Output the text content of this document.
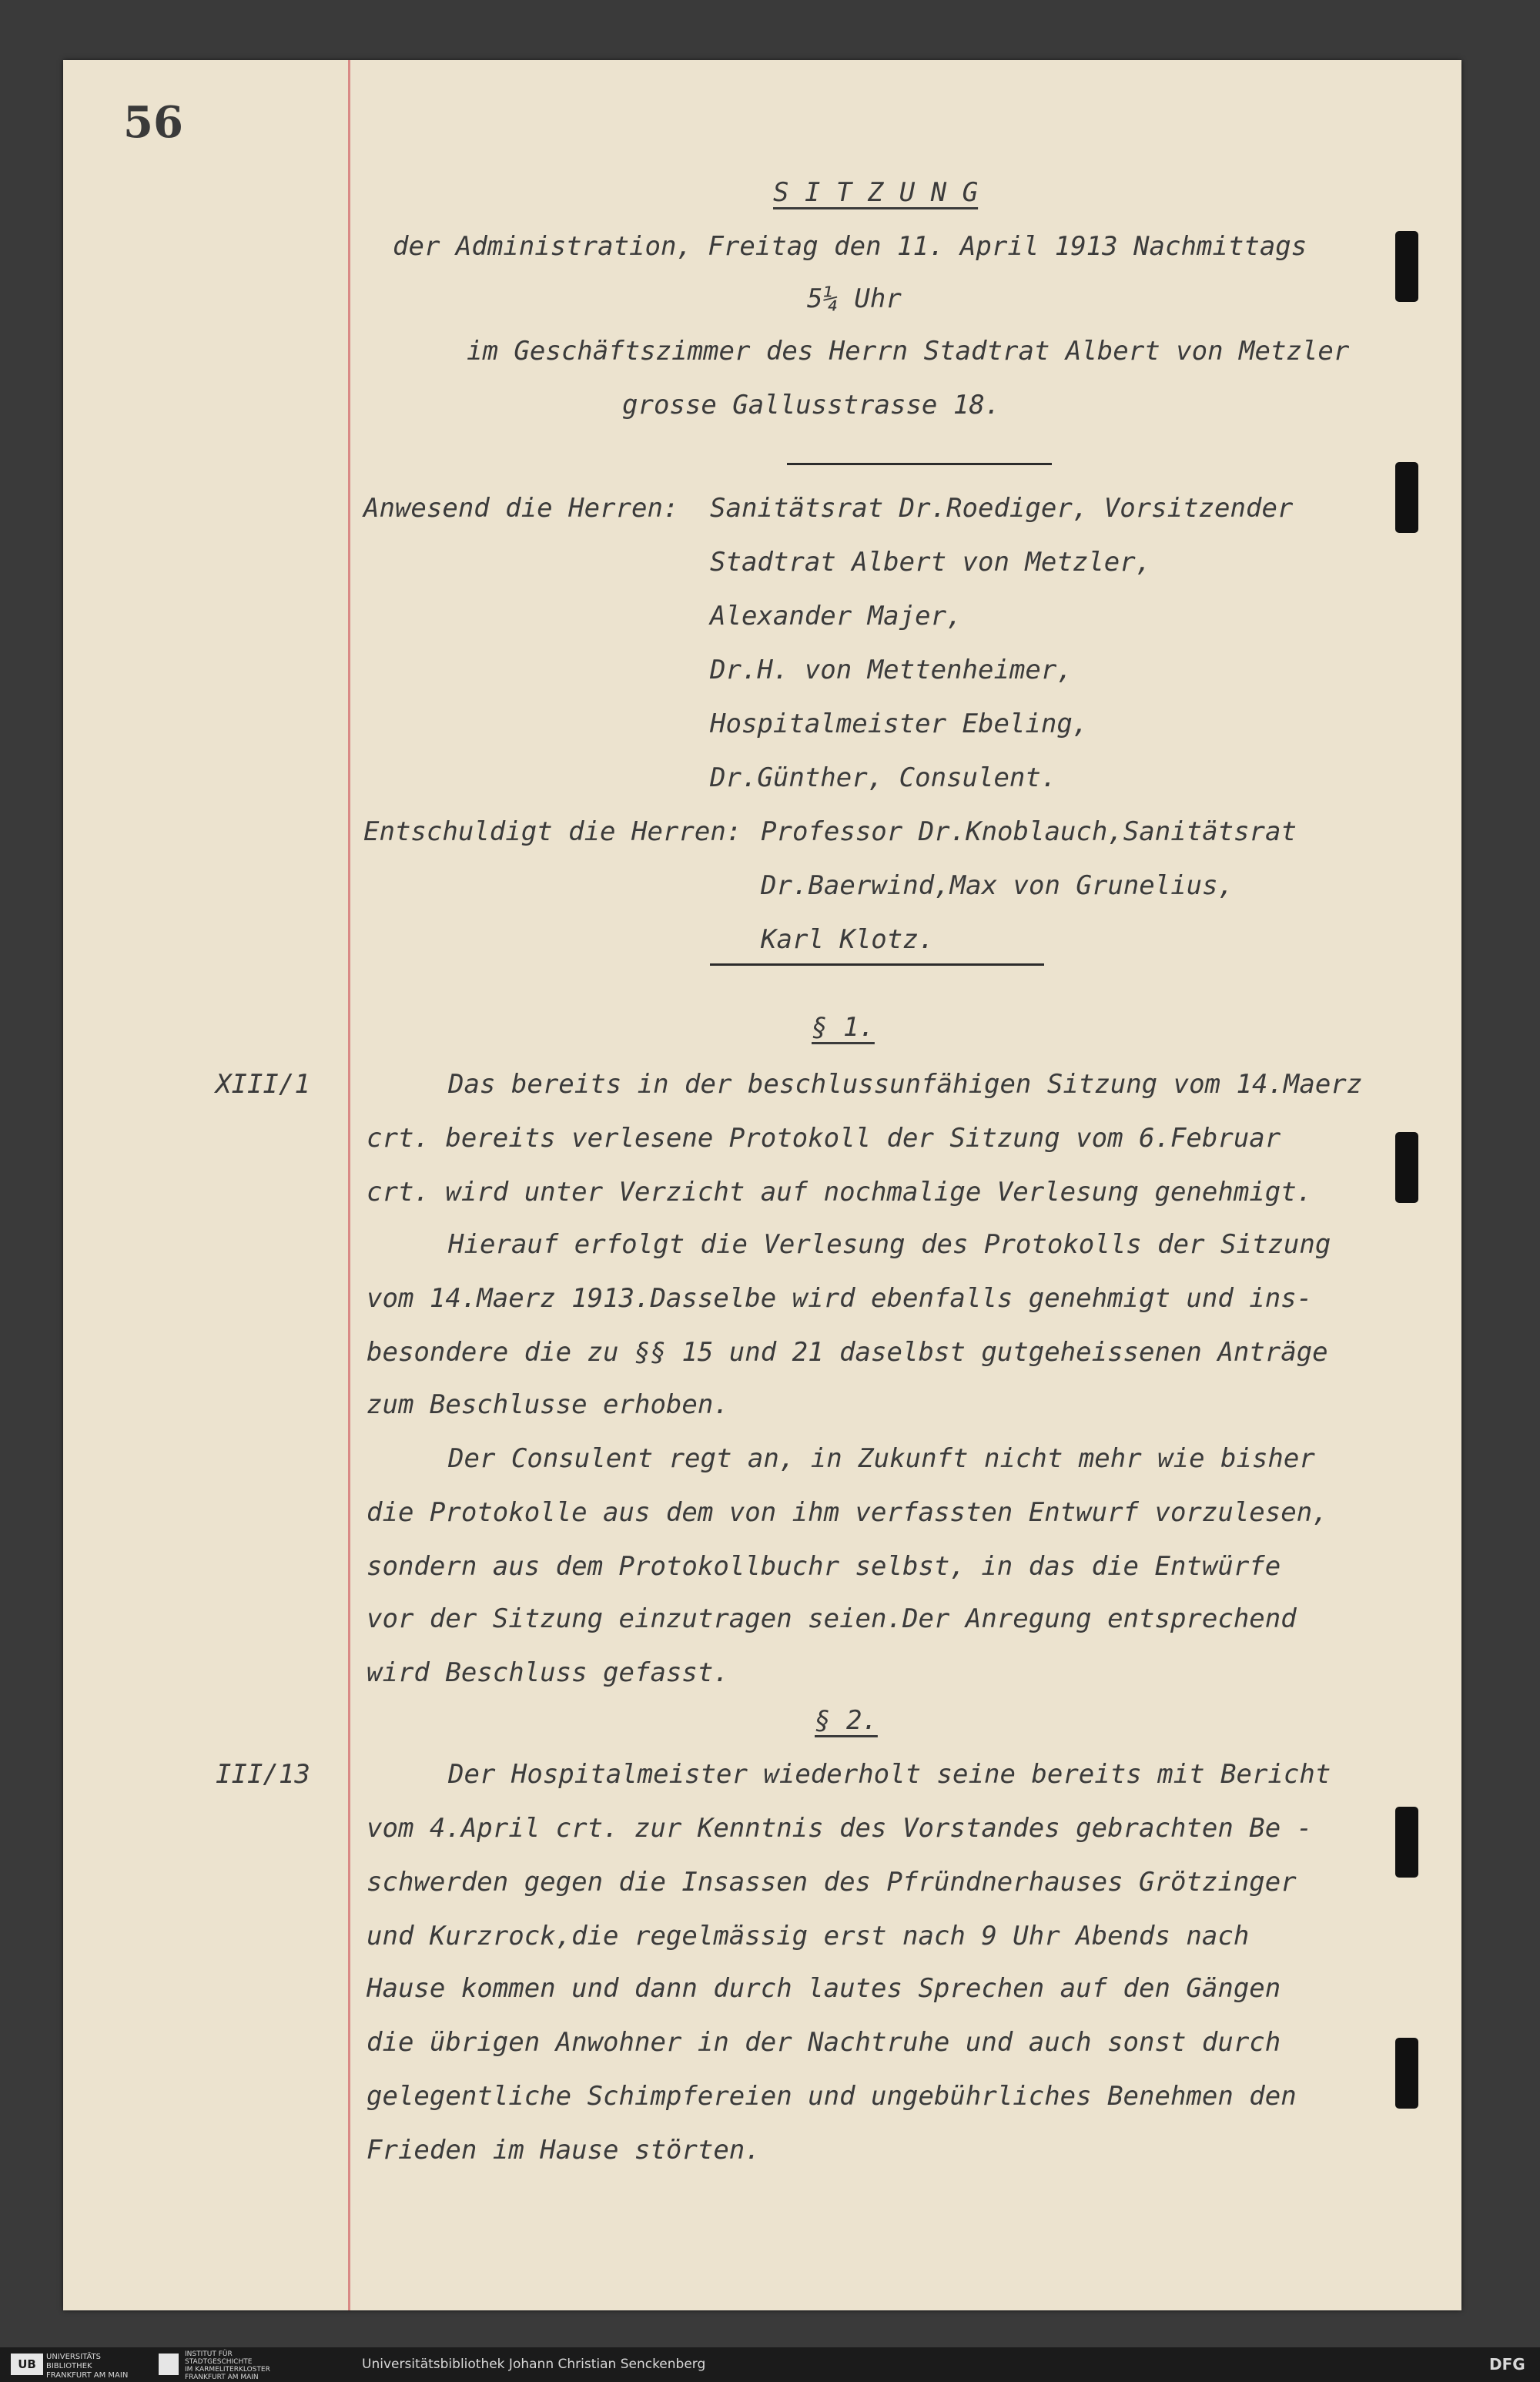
56
S I T Z U N G
der Administration, Freitag den 11. April 1913 Nachmittags
5¼ Uhr
im Geschäftszimmer des Herrn Stadtrat Albert von Metzler
grosse Gallusstrasse 18.
Anwesend die Herren: Sanitätsrat Dr.Roediger, Vorsitzender
Stadtrat Albert von Metzler,
Alexander Majer,
Dr.H. von Mettenheimer,
Hospitalmeister Ebeling,
Dr.Günther, Consulent.
Entschuldigt die Herren: Professor Dr.Knoblauch,Sanitätsrat
Dr.Baerwind,Max von Grunelius,
Karl Klotz.
§ 1.
XIII/1	Das bereits in der beschlussunfähigen Sitzung vom 14.Maerz
crt. bereits verlesene Protokoll der Sitzung vom 6.Februar
crt. wird unter Verzicht auf nochmalige Verlesung genehmigt.
Hierauf erfolgt die Verlesung des Protokolls der Sitzung
vom 14.Maerz 1913.Dasselbe wird ebenfalls genehmigt und ins-
besondere die zu §§ 15 und 21 daselbst gutgeheissenen Anträge
zum Beschlusse erhoben.
Der Consulent regt an, in Zukunft nicht mehr wie bisher
die Protokolle aus dem von ihm verfassten Entwurf vorzulesen,
sondern aus dem Protokollbuchr selbst, in das die Entwürfe
vor der Sitzung einzutragen seien.Der Anregung entsprechend
wird Beschluss gefasst.
§ 2.
III/13	Der Hospitalmeister wiederholt seine bereits mit Bericht
vom 4.April crt. zur Kenntnis des Vorstandes gebrachten Be -
schwerden gegen die Insassen des Pfründnerhauses Grötzinger
und Kurzrock,die regelmässig erst nach 9 Uhr Abends nach
Hause kommen und dann durch lautes Sprechen auf den Gängen
die übrigen Anwohner in der Nachtruhe und auch sonst durch
gelegentliche Schimpfereien und ungebührliches Benehmen den
Frieden im Hause störten.
UB
UNIVERSITÄTS
BIBLIOTHEK
FRANKFURT AM MAIN
INSTITUT FÜR
STADTGESCHICHTE
IM KARMELITERKLOSTER
FRANKFURT AM MAIN
Universitätsbibliothek Johann Christian Senckenberg	DFG
